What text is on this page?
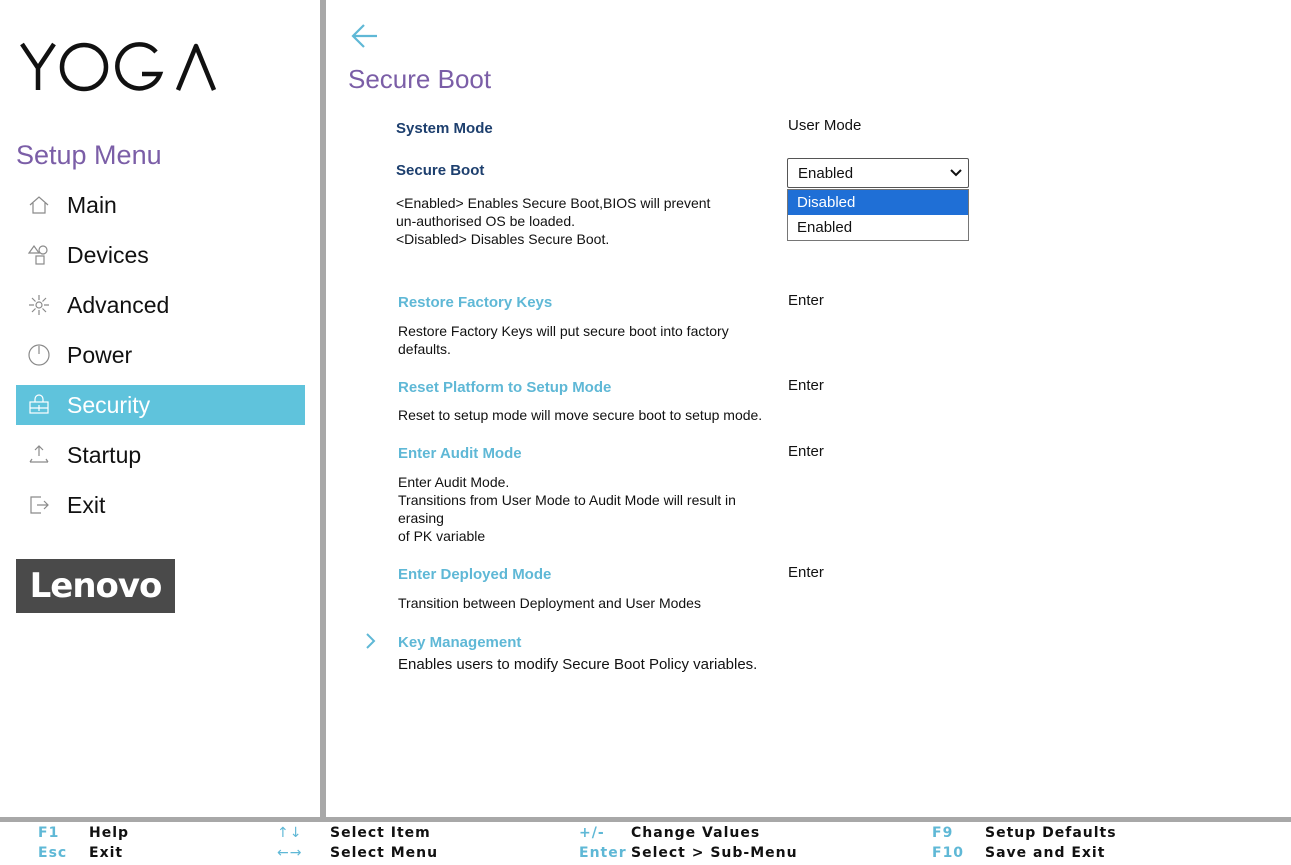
Setup Menu
Main
Devices
Advanced
Power
Security
Startup
Exit
Lenovo
Secure Boot
System Mode	User Mode
Secure Boot
<Enabled> Enables Secure Boot,BIOS will prevent
un-authorised OS be loaded.
<Disabled> Disables Secure Boot.
Enabled
Disabled
Enabled
Restore Factory Keys	Enter
Restore Factory Keys will put secure boot into factory
defaults.
Reset Platform to Setup Mode	Enter
Reset to setup mode will move secure boot to setup mode.
Enter Audit Mode	Enter
Enter Audit Mode.
Transitions from User Mode to Audit Mode will result in
erasing
of PK variable
Enter Deployed Mode	Enter
Transition between Deployment and User Modes
Key Management
Enables users to modify Secure Boot Policy variables.
F1 Help	↑↓ Select Item	+/- Change Values	F9 Setup Defaults
Esc Exit	←→ Select Menu	Enter Select > Sub-Menu	F10 Save and Exit
